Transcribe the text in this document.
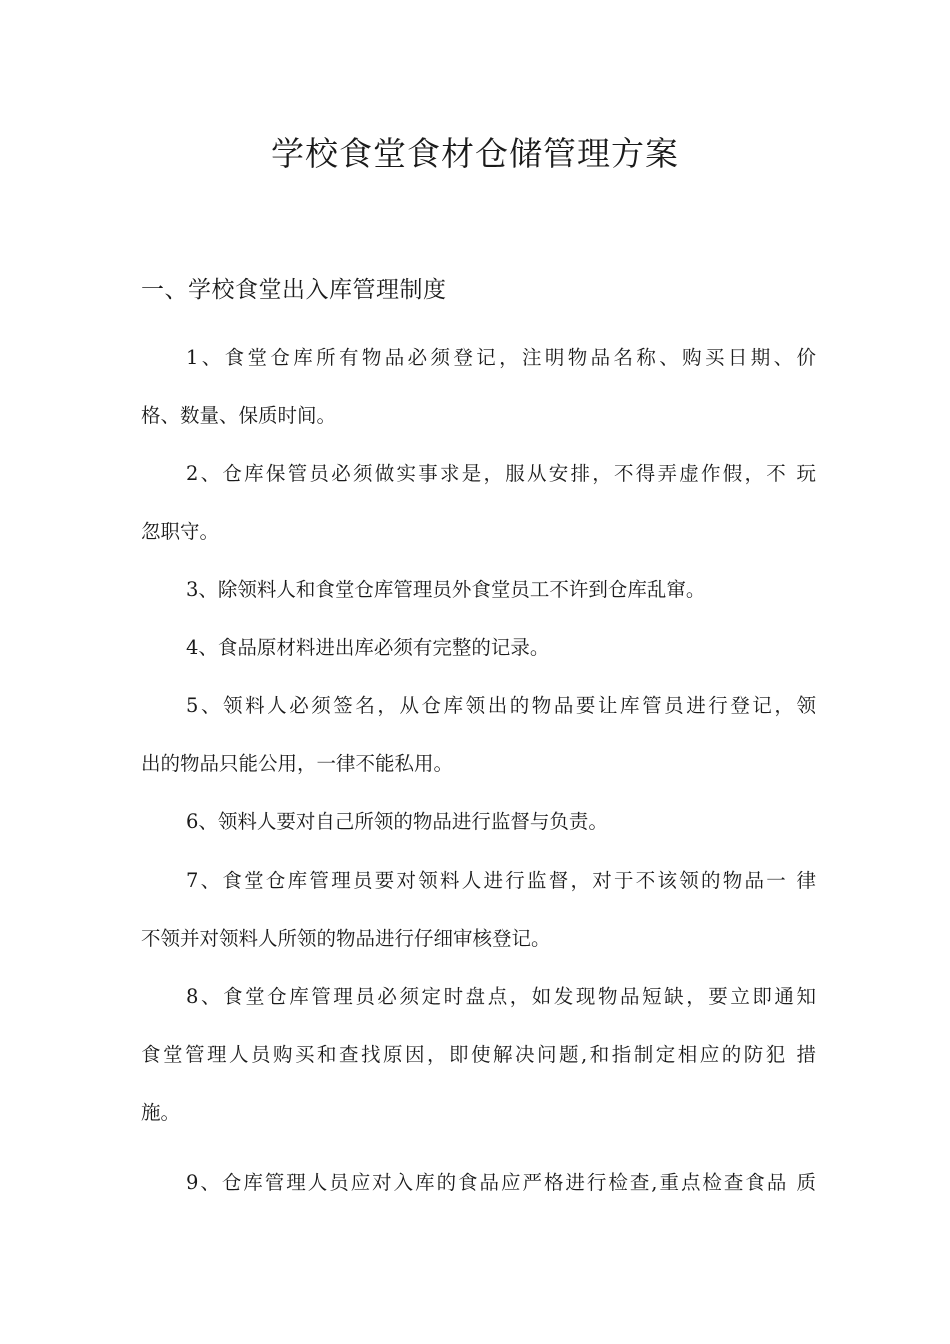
学校食堂食材仓储管理方案
一、学校食堂出入库管理制度

1、食堂仓库所有物品必须登记，注明物品名称、购买日期、价

格、数量、保质时间。

2、仓库保管员必须做实事求是，服从安排，不得弄虚作假，不 玩

忽职守。

3、除领料人和食堂仓库管理员外食堂员工不许到仓库乱窜。

4、食品原材料进出库必须有完整的记录。

5、领料人必须签名，从仓库领出的物品要让库管员进行登记，领

出的物品只能公用，一律不能私用。

6、领料人要对自己所领的物品进行监督与负责。

7、食堂仓库管理员要对领料人进行监督，对于不该领的物品一 律

不领并对领料人所领的物品进行仔细审核登记。

8、食堂仓库管理员必须定时盘点，如发现物品短缺，要立即通知

食堂管理人员购买和查找原因，即使解决问题,和指制定相应的防犯 措

施。

9、仓库管理人员应对入库的食品应严格进行检查,重点检查食品 质
